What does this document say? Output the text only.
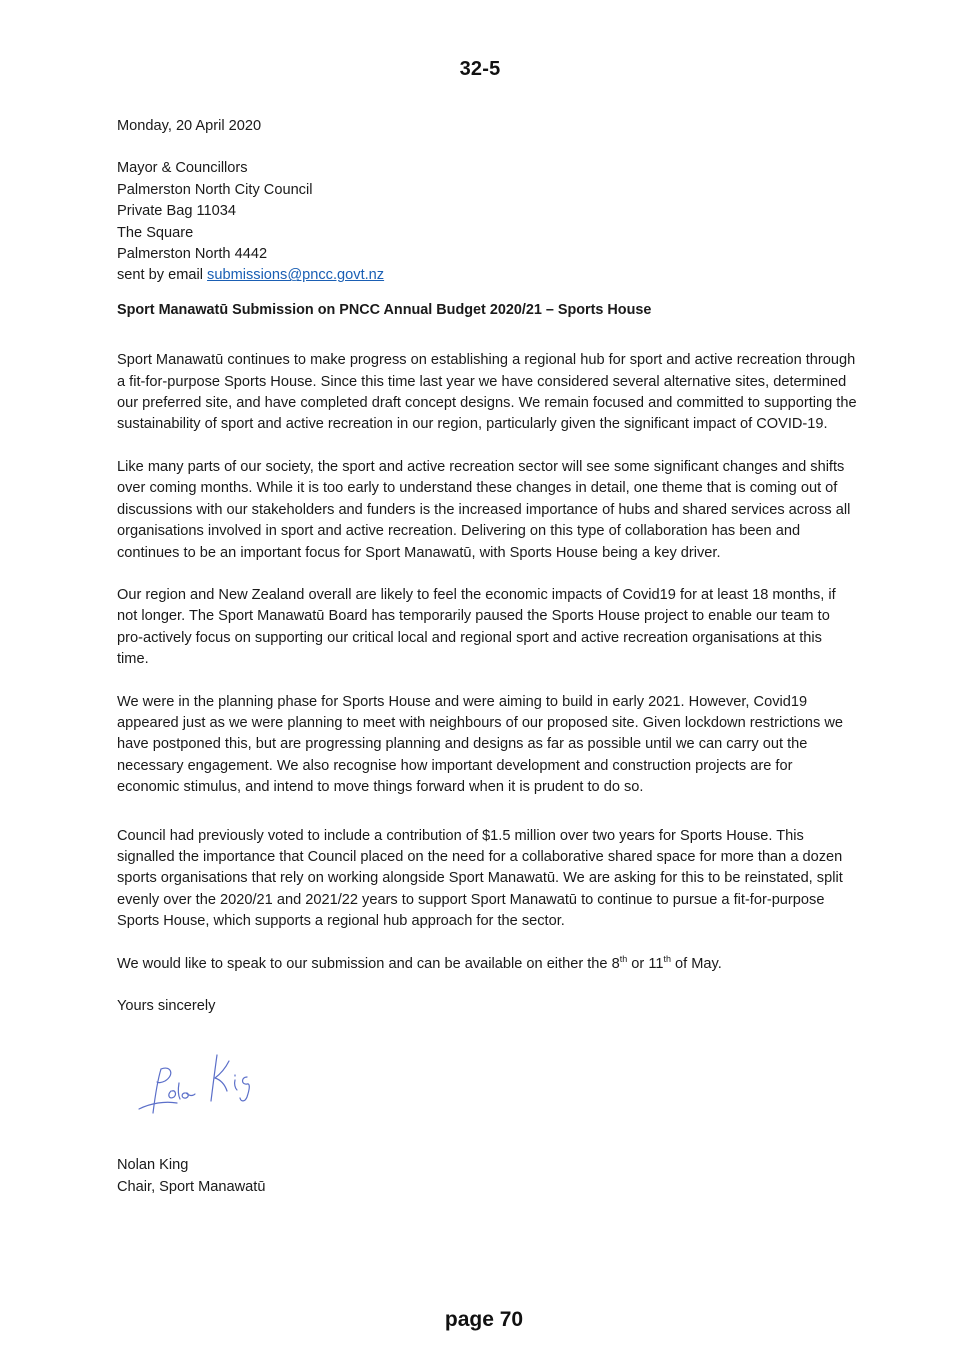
32-5
Monday, 20 April 2020
Mayor & Councillors
Palmerston North City Council
Private Bag 11034
The Square
Palmerston North 4442
sent by email submissions@pncc.govt.nz
Sport Manawatū Submission on PNCC Annual Budget 2020/21 – Sports House

Sport Manawatū continues to make progress on establishing a regional hub for sport and active recreation through a fit-for-purpose Sports House. Since this time last year we have considered several alternative sites, determined our preferred site, and have completed draft concept designs. We remain focused and committed to supporting the sustainability of sport and active recreation in our region, particularly given the significant impact of COVID-19.

Like many parts of our society, the sport and active recreation sector will see some significant changes and shifts over coming months. While it is too early to understand these changes in detail, one theme that is coming out of discussions with our stakeholders and funders is the increased importance of hubs and shared services across all organisations involved in sport and active recreation. Delivering on this type of collaboration has been and continues to be an important focus for Sport Manawatū, with Sports House being a key driver.

Our region and New Zealand overall are likely to feel the economic impacts of Covid19 for at least 18 months, if not longer. The Sport Manawatū Board has temporarily paused the Sports House project to enable our team to pro-actively focus on supporting our critical local and regional sport and active recreation organisations at this time.

We were in the planning phase for Sports House and were aiming to build in early 2021. However, Covid19 appeared just as we were planning to meet with neighbours of our proposed site. Given lockdown restrictions we have postponed this, but are progressing planning and designs as far as possible until we can carry out the necessary engagement. We also recognise how important development and construction projects are for economic stimulus, and intend to move things forward when it is prudent to do so.

Council had previously voted to include a contribution of $1.5 million over two years for Sports House. This signalled the importance that Council placed on the need for a collaborative shared space for more than a dozen sports organisations that rely on working alongside Sport Manawatū. We are asking for this to be reinstated, split evenly over the 2020/21 and 2021/22 years to support Sport Manawatū to continue to pursue a fit-for-purpose Sports House, which supports a regional hub approach for the sector.

We would like to speak to our submission and can be available on either the 8th or 11th of May.

Yours sincerely
Nolan King
Chair, Sport Manawatū
page 70
